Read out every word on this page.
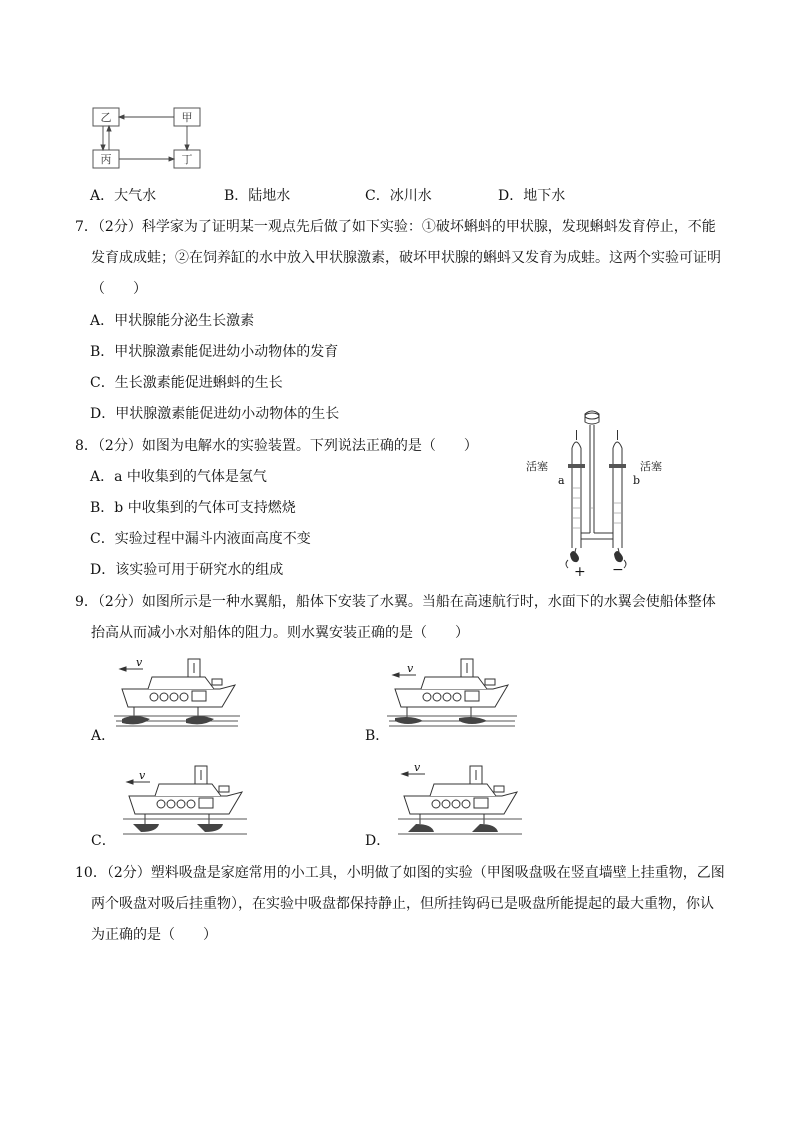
乙	甲
丙	丁
A．大气水	B．陆地水	C．冰川水	D．地下水
7．（2分）科学家为了证明某一观点先后做了如下实验：①破坏蝌蚪的甲状腺，发现蝌蚪发育停止，不能
发育成成蛙；②在饲养缸的水中放入甲状腺激素，破坏甲状腺的蝌蚪又发育为成蛙。这两个实验可证明
（　　）
A．甲状腺能分泌生长激素
B．甲状腺激素能促进幼小动物体的发育
C．生长激素能促进蝌蚪的生长
D．甲状腺激素能促进幼小动物体的生长
8．（2分）如图为电解水的实验装置。下列说法正确的是（　　）
A．a 中收集到的气体是氢气
B．b 中收集到的气体可支持燃烧
C．实验过程中漏斗内液面高度不变
D．该实验可用于研究水的组成
活塞	活塞
a	b
+ −
9．（2分）如图所示是一种水翼船，船体下安装了水翼。当船在高速航行时，水面下的水翼会使船体整体
抬高从而减小水对船体的阻力。则水翼安装正确的是（　　）
v
A．
v
B．
v
C．
v
D．
10．（2分）塑料吸盘是家庭常用的小工具，小明做了如图的实验（甲图吸盘吸在竖直墙壁上挂重物，乙图
两个吸盘对吸后挂重物），在实验中吸盘都保持静止，但所挂钩码已是吸盘所能提起的最大重物，你认
为正确的是（　　）
